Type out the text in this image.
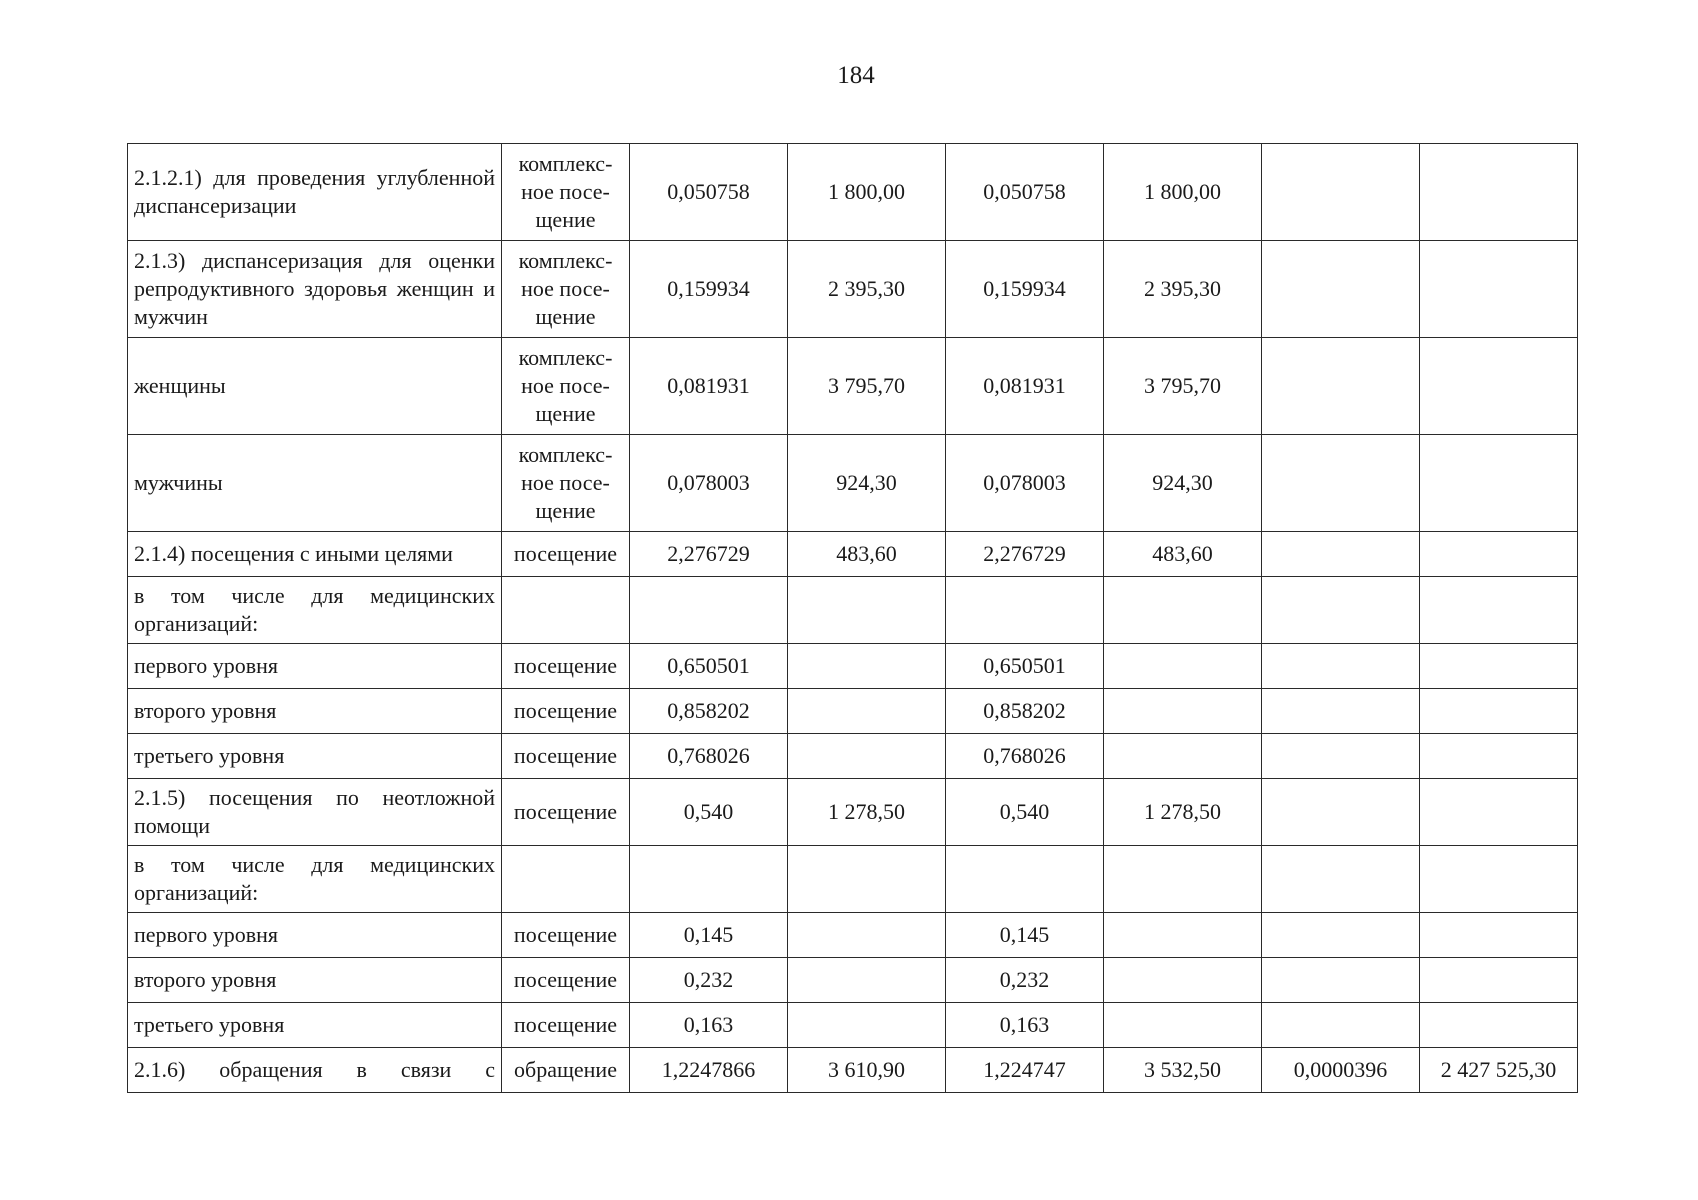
184
2.1.2.1) для проведения углубленной диспансеризации	комплекс-ное посе-щение	0,050758	1 800,00	0,050758	1 800,00		
2.1.3) диспансеризация для оценки репродуктивного здоровья женщин и мужчин	комплекс-ное посе-щение	0,159934	2 395,30	0,159934	2 395,30		
женщины	комплекс-ное посе-щение	0,081931	3 795,70	0,081931	3 795,70		
мужчины	комплекс-ное посе-щение	0,078003	924,30	0,078003	924,30		
2.1.4) посещения с иными целями	посещение	2,276729	483,60	2,276729	483,60		
в том числе для медицинских организаций:							
первого уровня	посещение	0,650501		0,650501			
второго уровня	посещение	0,858202		0,858202			
третьего уровня	посещение	0,768026		0,768026			
2.1.5) посещения по неотложной помощи	посещение	0,540	1 278,50	0,540	1 278,50		
в том числе для медицинских организаций:							
первого уровня	посещение	0,145		0,145			
второго уровня	посещение	0,232		0,232			
третьего уровня	посещение	0,163		0,163			
2.1.6) обращения в связи с	обращение	1,2247866	3 610,90	1,224747	3 532,50	0,0000396	2 427 525,30
